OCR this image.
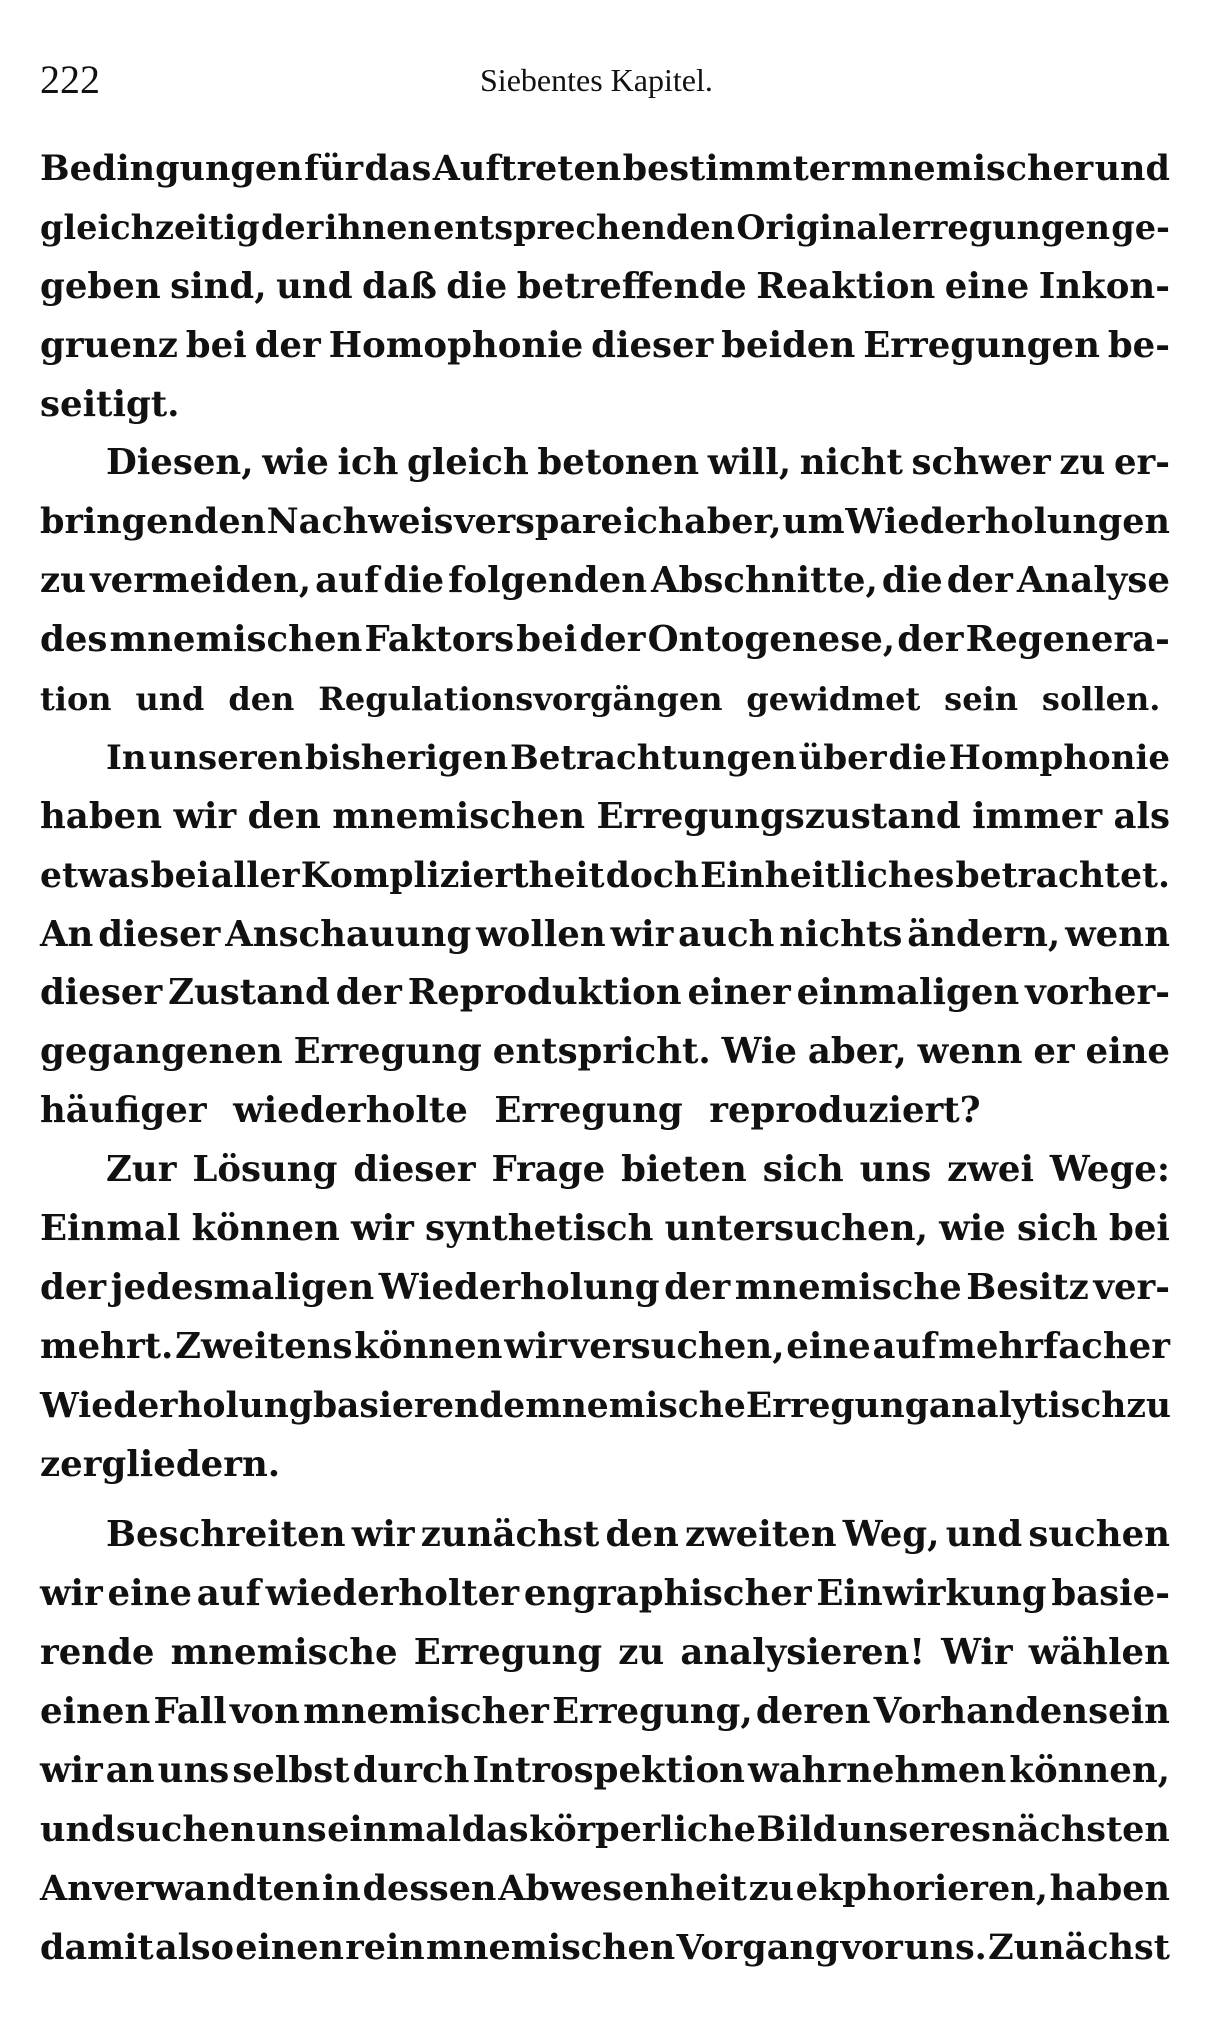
222	Siebentes Kapitel.
Bedingungen für das Auftreten bestimmter mnemischer und
gleichzeitig der ihnen entsprechenden Originalerregungen ge-
geben sind, und daß die betreffende Reaktion eine Inkon-
gruenz bei der Homophonie dieser beiden Erregungen be-
seitigt.
Diesen, wie ich gleich betonen will, nicht schwer zu er-
bringenden Nachweis verspare ich aber, um Wiederholungen
zu vermeiden, auf die folgenden Abschnitte, die der Analyse
des mnemischen Faktors bei der Ontogenese, der Regenera-
tion und den Regulationsvorgängen gewidmet sein sollen.
In unseren bisherigen Betrachtungen über die Homphonie
haben wir den mnemischen Erregungszustand immer als
etwas bei aller Kompliziertheit doch Einheitliches betrachtet.
An dieser Anschauung wollen wir auch nichts ändern, wenn
dieser Zustand der Reproduktion einer einmaligen vorher-
gegangenen Erregung entspricht. Wie aber, wenn er eine
häufiger wiederholte Erregung reproduziert?
Zur Lösung dieser Frage bieten sich uns zwei Wege:
Einmal können wir synthetisch untersuchen, wie sich bei
der jedesmaligen Wiederholung der mnemische Besitz ver-
mehrt. Zweitens können wir versuchen, eine auf mehrfacher
Wiederholung basierende mnemische Erregung analytisch zu
zergliedern.
Beschreiten wir zunächst den zweiten Weg, und suchen
wir eine auf wiederholter engraphischer Einwirkung basie-
rende mnemische Erregung zu analysieren! Wir wählen
einen Fall von mnemischer Erregung, deren Vorhandensein
wir an uns selbst durch Introspektion wahrnehmen können,
und suchen uns einmal das körperliche Bild unseres nächsten
Anverwandten in dessen Abwesenheit zu ekphorieren, haben
damit also einen rein mnemischen Vorgang vor uns. Zunächst
